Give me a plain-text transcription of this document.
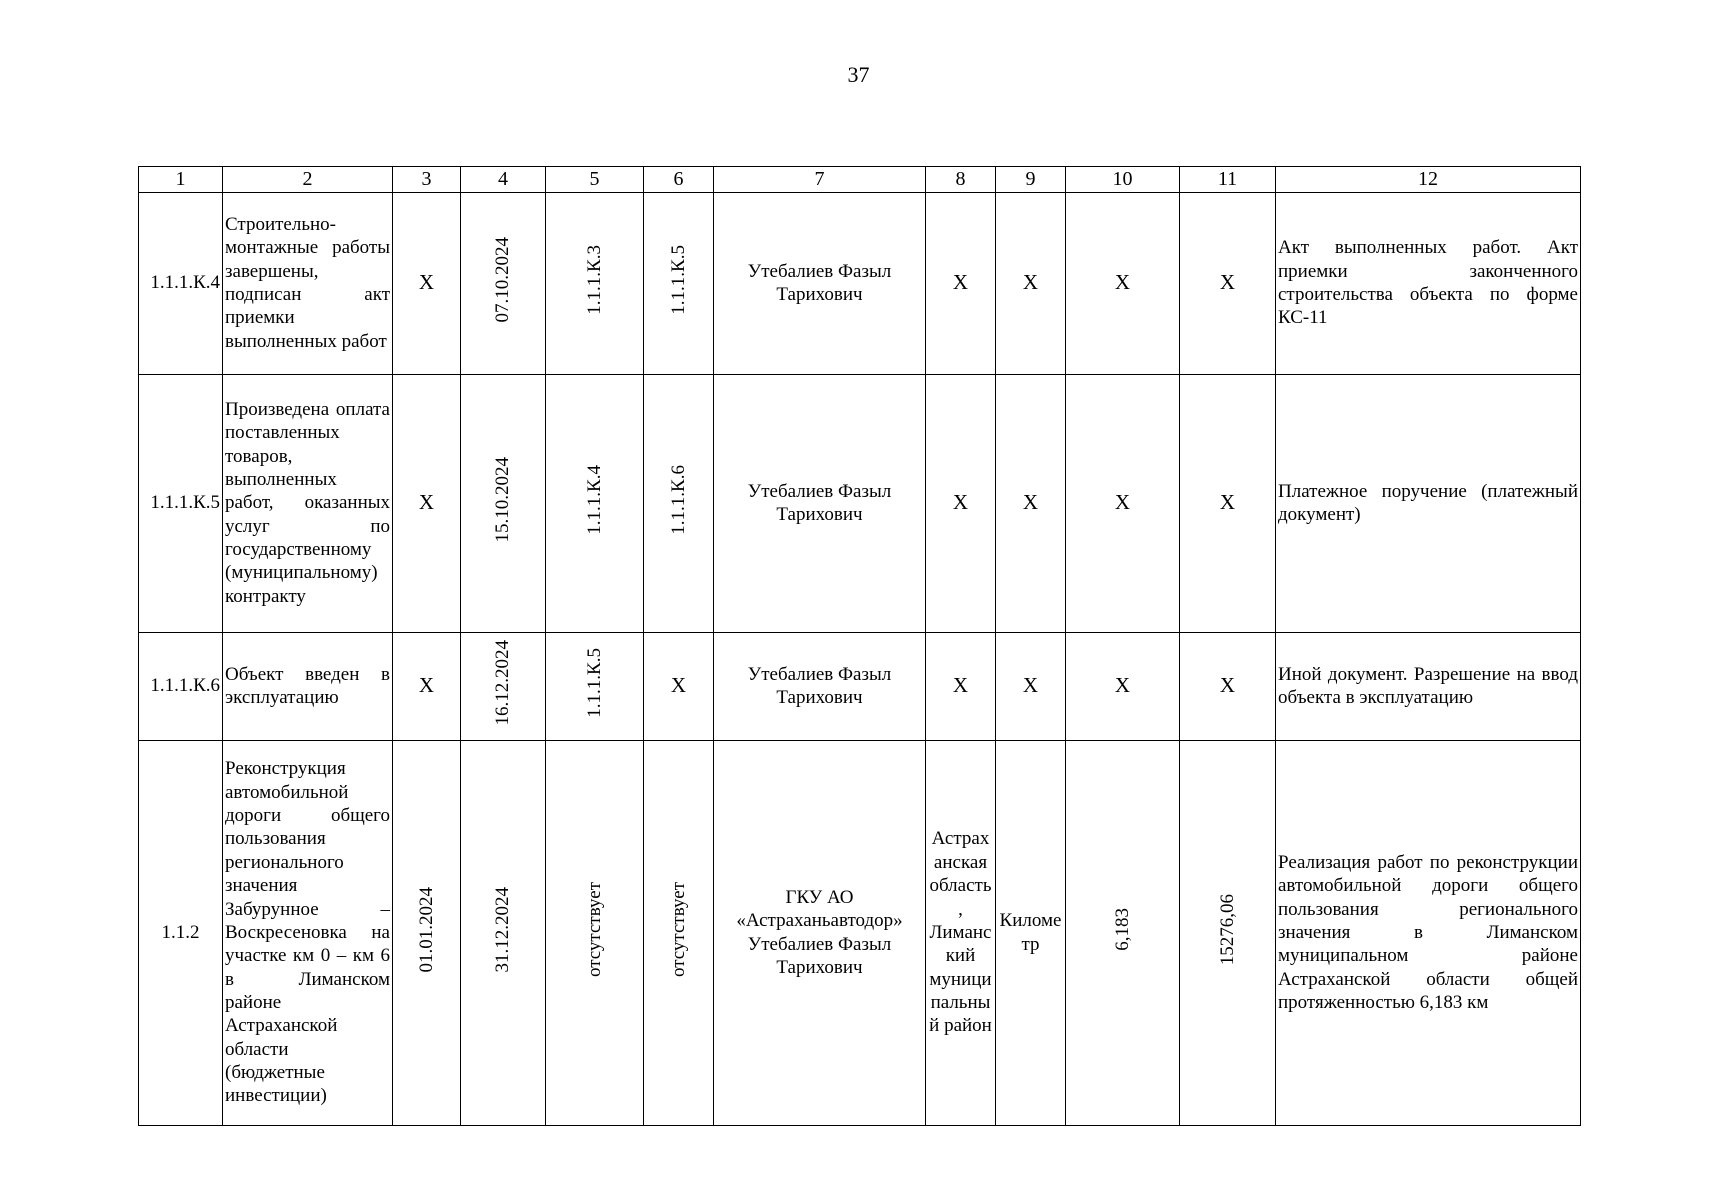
37
1	2	3	4	5	6	7	8	9	10	11	12
1.1.1.К.4	Строительно-монтажные работы завершены, подписан акт приемки выполненных работ	Х	07.10.2024	1.1.1.К.3	1.1.1.К.5	Утебалиев Фазыл Тарихович	Х	Х	Х	Х	Акт выполненных работ. Акт приемки законченного строительства объекта по форме КС-11
1.1.1.К.5	Произведена оплата поставленных товаров, выполненных работ, оказанных услуг по государственному (муниципальному) контракту	Х	15.10.2024	1.1.1.К.4	1.1.1.К.6	Утебалиев Фазыл Тарихович	Х	Х	Х	Х	Платежное поручение (платежный документ)
1.1.1.К.6	Объект введен в эксплуатацию	Х	16.12.2024	1.1.1.К.5	Х	Утебалиев Фазыл Тарихович	Х	Х	Х	Х	Иной документ. Разрешение на ввод объекта в эксплуатацию
1.1.2	Реконструкция автомобильной дороги общего пользования регионального значения Забурунное – Воскресеновка на участке км 0 – км 6 в Лиманском районе Астраханской области (бюджетные инвестиции)	01.01.2024	31.12.2024	отсутствует	отсутствует	ГКУ АО «Астраханьавтодор» Утебалиев Фазыл Тарихович	Астраханская область, Лиманский муниципальный район	Километр	6,183	15276,06	Реализация работ по реконструкции автомобильной дороги общего пользования регионального значения в Лиманском муниципальном районе Астраханской области общей протяженностью 6,183 км
